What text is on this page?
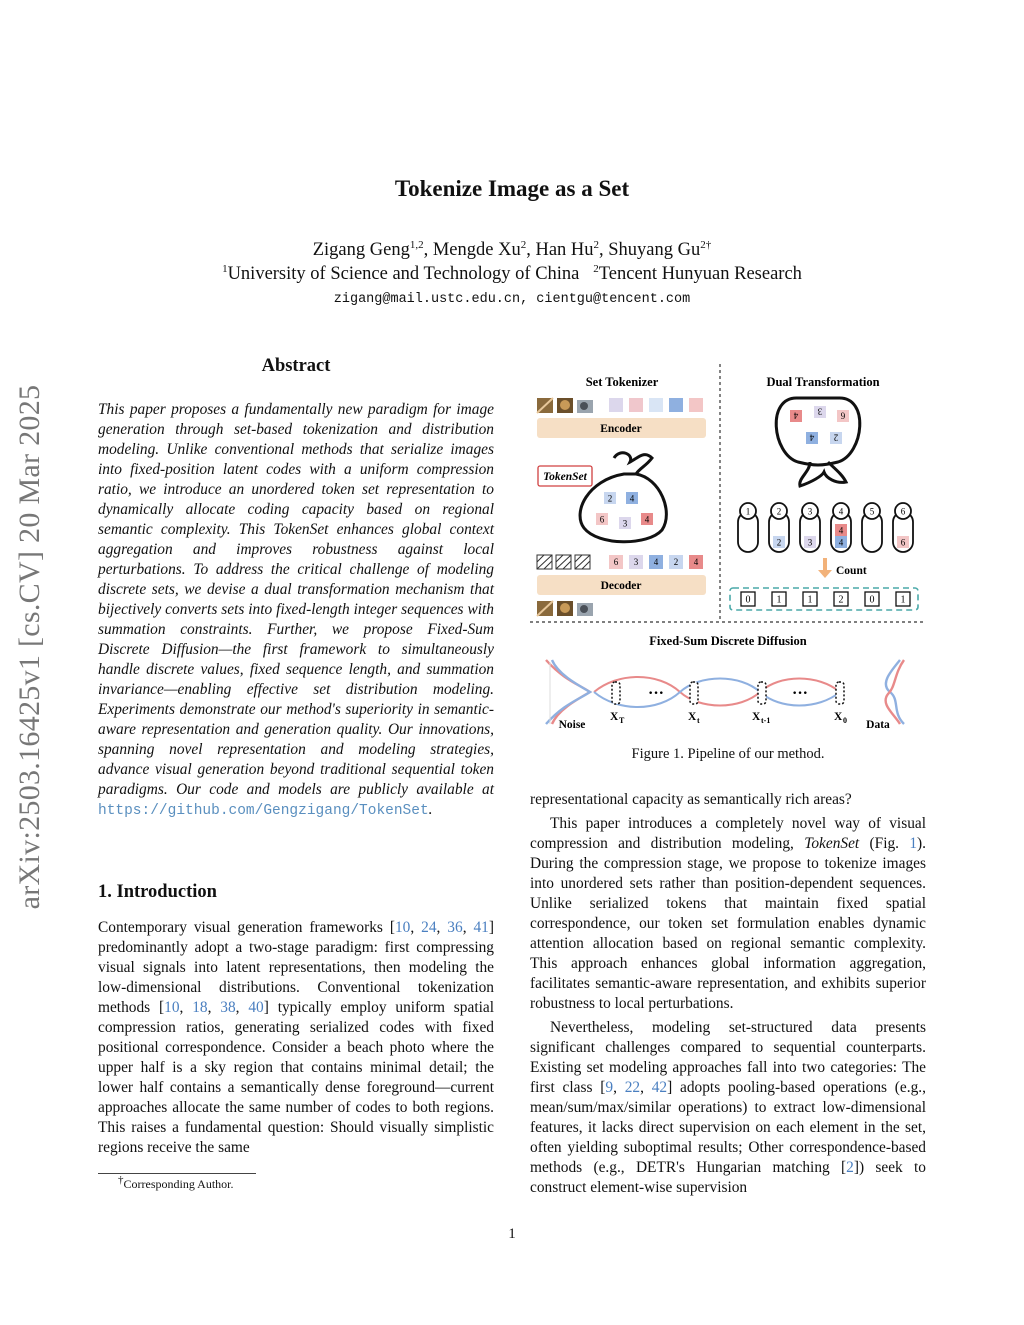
Tokenize Image as a Set
Zigang Geng$^{1,2}$, Mengde Xu$^2$, Han Hu$^2$, Shuyang $Gu^{2\dagger}$
$^1$University of Science and Technology of China $^2$Tencent Hunyuan Research
zigang@mail.ustc.edu.cn, cientgu@tencent.com
arXiv:2503.16425v1 [cs.CV] 20 Mar 2025
Abstract
This paper proposes a fundamentally new paradigm for image generation through set-based tokenization and distribution modeling. Unlike conventional methods that serialize images into fixed-position latent codes with a uniform compression ratio, we introduce an unordered token set representation to dynamically allocate coding capacity based on regional semantic complexity. This TokenSet enhances global context aggregation and improves robustness against local perturbations. To address the critical challenge of modeling discrete sets, we devise a dual transformation mechanism that bijectively converts sets into fixed-length integer sequences with summation constraints. Further, we propose Fixed-Sum Discrete Diffusion—the first framework to simultaneously handle discrete values, fixed sequence length, and summation invariance—enabling effective set distribution modeling. Experiments demonstrate our method's superiority in semantic-aware representation and generation quality. Our innovations, spanning novel representation and modeling strategies, advance visual generation beyond traditional sequential token paradigms. Our code and models are publicly available at https://github.com/Gengzigang/TokenSet.
1. Introduction
Contemporary visual generation frameworks [10, 24, 36, 41] predominantly adopt a two-stage paradigm: first compressing visual signals into latent representations, then modeling the low-dimensional distributions. Conventional tokenization methods [10, 18, 38, 40] typically employ uniform spatial compression ratios, generating serialized codes with fixed positional correspondence. Consider a beach photo where the upper half is a sky region that contains minimal detail; the lower half contains a semantically dense foreground—current approaches allocate the same number of codes to both regions. This raises a fundamental question: Should visually simplistic regions receive the same
†Corresponding Author.
1
Set Tokenizer	Dual Transformation
Encoder
TokenSet
2 4
6 3 4
6 3 4 2 4
Decoder
4 3 6
4 2
1	2
2
3
3
4
4
4
5	6
6
Count
0	1	1	2	0	1
Fixed-Sum Discrete Diffusion
Noise
···	···
X T	X t	X t-1	X 0 Data
Figure 1. Pipeline of our method.

representational capacity as semantically rich areas?

This paper introduces a completely novel way of visual compression and distribution modeling, TokenSet (Fig. 1). During the compression stage, we propose to tokenize images into unordered sets rather than position-dependent sequences. Unlike serialized tokens that maintain fixed spatial correspondence, our token set formulation enables dynamic attention allocation based on regional semantic complexity. This approach enhances global information aggregation, facilitates semantic-aware representation, and exhibits superior robustness to local perturbations.

Nevertheless, modeling set-structured data presents significant challenges compared to sequential counterparts. Existing set modeling approaches fall into two categories: The first class [9, 22, 42] adopts pooling-based operations (e.g., mean/sum/max/similar operations) to extract low-dimensional features, it lacks direct supervision on each element in the set, often yielding suboptimal results; Other correspondence-based methods (e.g., DETR's Hungarian matching [2]) seek to construct element-wise supervision
